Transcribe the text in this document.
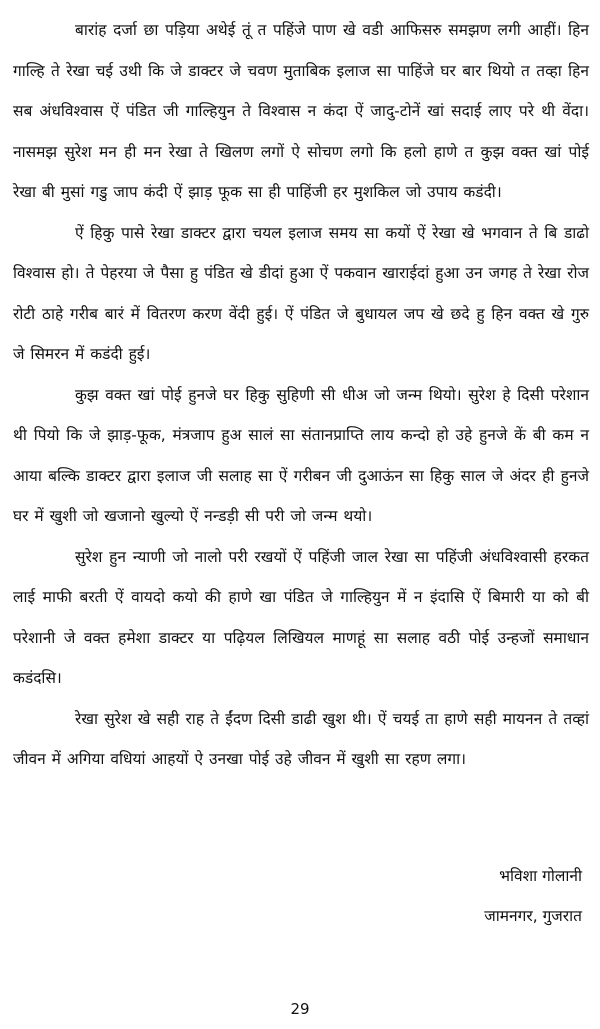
बारांह दर्जा छा पड़िया अथेई तूं त पहिंजे पाण खे वडी आफिसरु समझण लगी आहीं। हिन गाल्हि ते रेखा चई उथी कि जे डाक्टर जे चवण मुताबिक इलाज सा पाहिंजे घर बार थियो त तव्हा हिन सब अंधविश्वास ऐं पंडित जी गाल्हियुन ते विश्वास न कंदा ऐं जादु-टोनें खां सदाई लाए परे थी वेंदा। नासमझ सुरेश मन ही मन रेखा ते खिलण लगों ऐ सोचण लगो कि हलो हाणे त कुझ वक्त खां पोई रेखा बी मुसां गडु जाप कंदी ऐं झाड़ फूक सा ही पाहिंजी हर मुशकिल जो उपाय कडंदी।

ऐं हिकु पासे रेखा डाक्टर द्वारा चयल इलाज समय सा कयों ऐं रेखा खे भगवान ते बि डाढो विश्वास हो। ते पेहरया जे पैसा हु पंडित खे डीदां हुआ ऐं पकवान खाराईदां हुआ उन जगह ते रेखा रोज रोटी ठाहे गरीब बारं में वितरण करण वेंदी हुई। ऐं पंडित जे बुधायल जप खे छदे हु हिन वक्त खे गुरु जे सिमरन में कडंदी हुई।

कुझ वक्त खां पोई हुनजे घर हिकु सुहिणी सी धीअ जो जन्म थियो। सुरेश हे दिसी परेशान थी पियो कि जे झाड़-फूक, मंत्रजाप हुअ सालं सा संतानप्राप्ति लाय कन्दो हो उहे हुनजे कें बी कम न आया बल्कि डाक्टर द्वारा इलाज जी सलाह सा ऐं गरीबन जी दुआऊंन सा हिकु साल जे अंदर ही हुनजे घर में खुशी जो खजानो खुल्यो ऐं नन्डड़ी सी परी जो जन्म थयो।

सुरेश हुन न्याणी जो नालो परी रखयों ऐं पहिंजी जाल रेखा सा पहिंजी अंधविश्वासी हरकत लाई माफी बरती ऐं वायदो कयो की हाणे खा पंडित जे गाल्हियुन में न इंदासि ऐं बिमारी या को बी परेशानी जे वक्त हमेशा डाक्टर या पढ़ियल लिखियल माणहूं सा सलाह वठी पोई उन्हजों समाधान कडंदसि।

रेखा सुरेश खे सही राह ते ईंदण दिसी डाढी खुश थी। ऐं चयई ता हाणे सही मायनन ते तव्हां जीवन में अगिया वधियां आहयों ऐ उनखा पोई उहे जीवन में खुशी सा रहण लगा।

भविशा गोलानी
जामनगर, गुजरात
29
